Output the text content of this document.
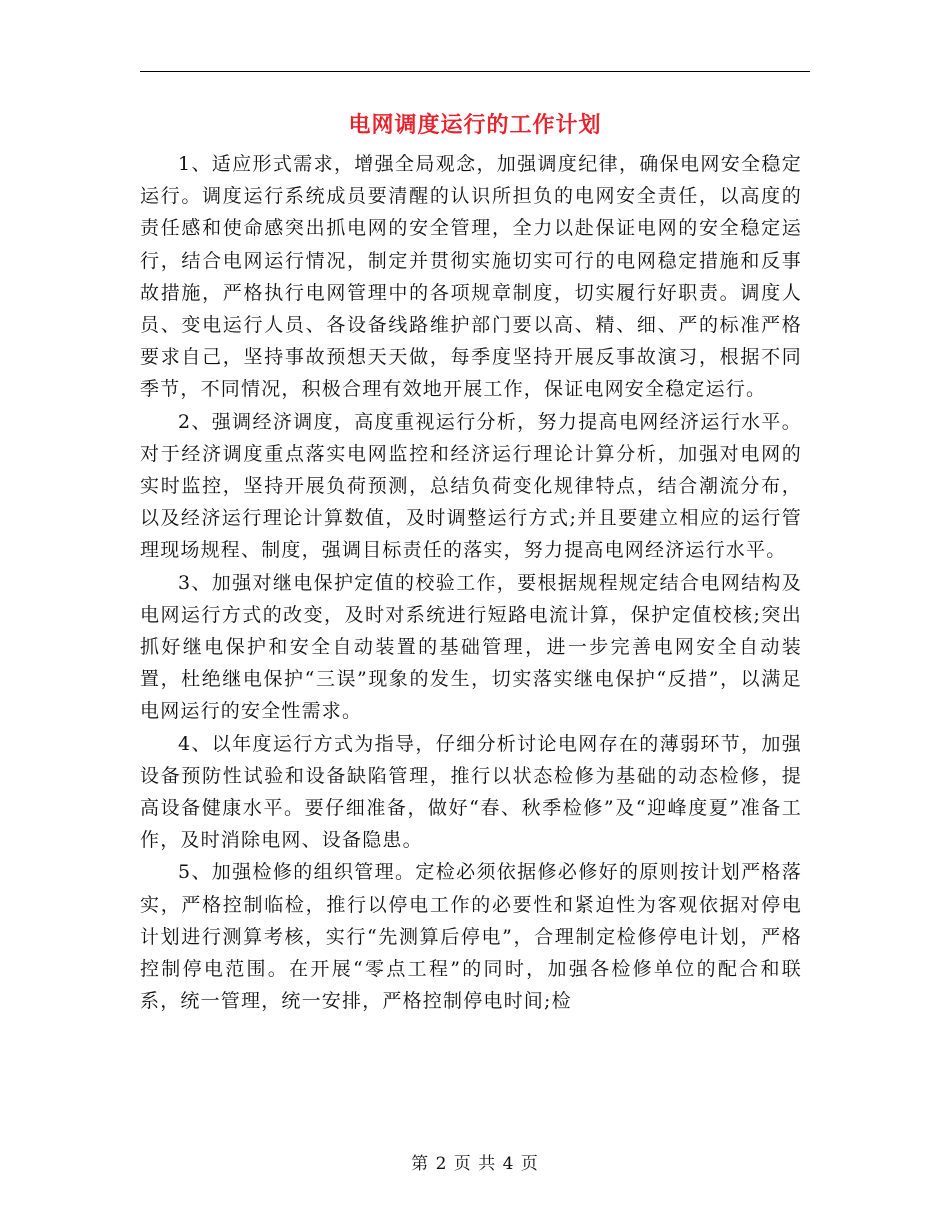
电网调度运行的工作计划

1、适应形式需求，增强全局观念，加强调度纪律，确保电网安全稳定运行。调度运行系统成员要清醒的认识所担负的电网安全责任，以高度的责任感和使命感突出抓电网的安全管理，全力以赴保证电网的安全稳定运行，结合电网运行情况，制定并贯彻实施切实可行的电网稳定措施和反事故措施，严格执行电网管理中的各项规章制度，切实履行好职责。调度人员、变电运行人员、各设备线路维护部门要以高、精、细、严的标准严格要求自己，坚持事故预想天天做，每季度坚持开展反事故演习，根据不同季节，不同情况，积极合理有效地开展工作，保证电网安全稳定运行。

2、强调经济调度，高度重视运行分析，努力提高电网经济运行水平。对于经济调度重点落实电网监控和经济运行理论计算分析，加强对电网的实时监控，坚持开展负荷预测，总结负荷变化规律特点，结合潮流分布，以及经济运行理论计算数值，及时调整运行方式;并且要建立相应的运行管理现场规程、制度，强调目标责任的落实，努力提高电网经济运行水平。

3、加强对继电保护定值的校验工作，要根据规程规定结合电网结构及电网运行方式的改变，及时对系统进行短路电流计算，保护定值校核;突出抓好继电保护和安全自动装置的基础管理，进一步完善电网安全自动装置，杜绝继电保护“三误”现象的发生，切实落实继电保护“反措”，以满足电网运行的安全性需求。

4、以年度运行方式为指导，仔细分析讨论电网存在的薄弱环节，加强设备预防性试验和设备缺陷管理，推行以状态检修为基础的动态检修，提高设备健康水平。要仔细准备，做好“春、秋季检修”及“迎峰度夏”准备工作，及时消除电网、设备隐患。

5、加强检修的组织管理。定检必须依据修必修好的原则按计划严格落实，严格控制临检，推行以停电工作的必要性和紧迫性为客观依据对停电计划进行测算考核，实行“先测算后停电”，合理制定检修停电计划，严格控制停电范围。在开展“零点工程”的同时，加强各检修单位的配合和联系，统一管理，统一安排，严格控制停电时间;检

第 2 页 共 4 页
